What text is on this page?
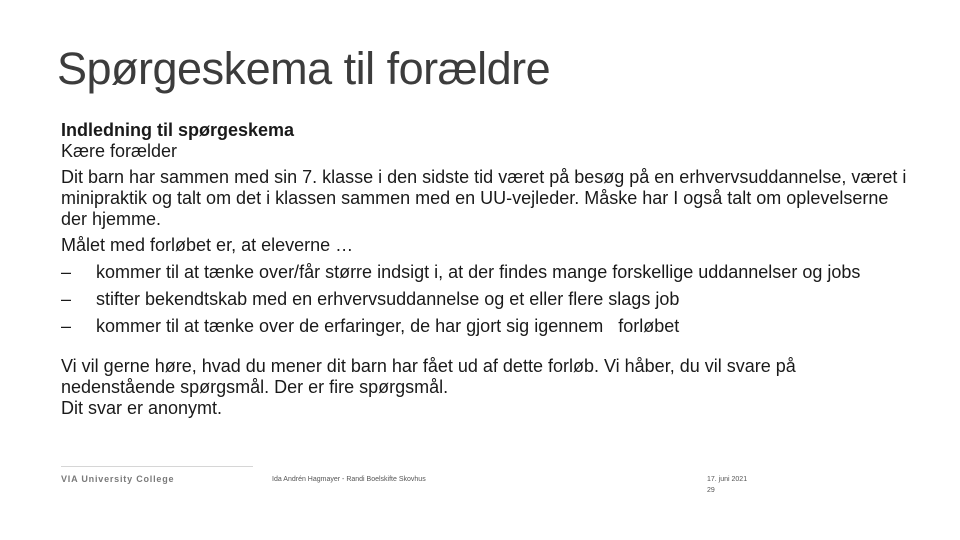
Spørgeskema til forældre
Indledning til spørgeskema
Kære forælder
Dit barn har sammen med sin 7. klasse i den sidste tid været på besøg på en erhvervsuddannelse, været i minipraktik og talt om det i klassen sammen med en UU-vejleder. Måske har I også talt om oplevelserne der hjemme.
Målet med forløbet er, at eleverne …
–	kommer til at tænke over/får større indsigt i, at der findes mange forskellige uddannelser og jobs
–	stifter bekendtskab med en erhvervsuddannelse og et eller flere slags job
–	kommer til at tænke over de erfaringer, de har gjort sig igennem   forløbet
Vi vil gerne høre, hvad du mener dit barn har fået ud af dette forløb. Vi håber, du vil svare på nedenstående spørgsmål. Der er fire spørgsmål.
Dit svar er anonymt.
VIA University College	Ida Andrén Hagmayer - Randi Boelskifte Skovhus	17. juni 2021
29
